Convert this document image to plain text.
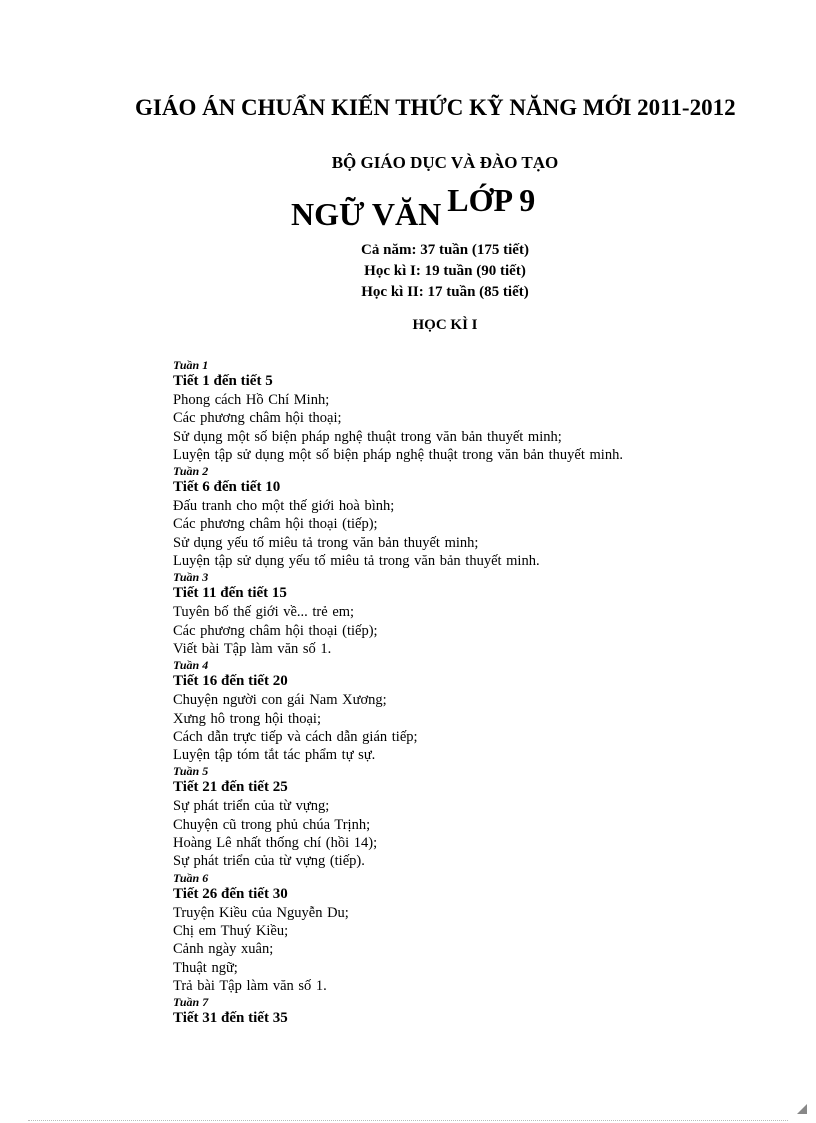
GIÁO ÁN CHUẨN KIẾN THỨC KỸ NĂNG MỚI 2011-2012
BỘ GIÁO DỤC VÀ ĐÀO TẠO
NGỮ VĂN LỚP 9
Cả năm: 37 tuần (175 tiết)
Học kì I: 19 tuần (90 tiết)
Học kì II: 17 tuần (85 tiết)
HỌC KÌ I
Tuần 1
Tiết 1 đến tiết 5
Phong cách Hồ Chí Minh;
Các phương châm hội thoại;
Sử dụng một số biện pháp nghệ thuật trong văn bản thuyết minh;
Luyện tập sử dụng một số biện pháp nghệ thuật trong văn bản thuyết minh.
Tuần 2
Tiết 6 đến tiết 10
Đấu tranh cho một thế giới hoà bình;
Các phương châm hội thoại (tiếp);
Sử dụng yếu tố miêu tả trong văn bản thuyết minh;
Luyện tập sử dụng yếu tố miêu tả trong văn bản thuyết minh.
Tuần 3
Tiết 11 đến tiết 15
Tuyên bố thế giới về... trẻ em;
Các phương châm hội thoại (tiếp);
Viết bài Tập làm văn số 1.
Tuần 4
Tiết 16 đến tiết 20
Chuyện người con gái Nam Xương;
Xưng hô trong hội thoại;
Cách dẫn trực tiếp và cách dẫn gián tiếp;
Luyện tập tóm tắt tác phẩm tự sự.
Tuần 5
Tiết 21 đến tiết 25
Sự phát triển của từ vựng;
Chuyện cũ trong phủ chúa Trịnh;
Hoàng Lê nhất thống chí (hồi 14);
Sự phát triển của từ vựng (tiếp).
Tuần 6
Tiết 26 đến tiết 30
Truyện Kiều của Nguyễn Du;
Chị em Thuý Kiều;
Cảnh ngày xuân;
Thuật ngữ;
Trả bài Tập làm văn số 1.
Tuần 7
Tiết 31 đến tiết 35
